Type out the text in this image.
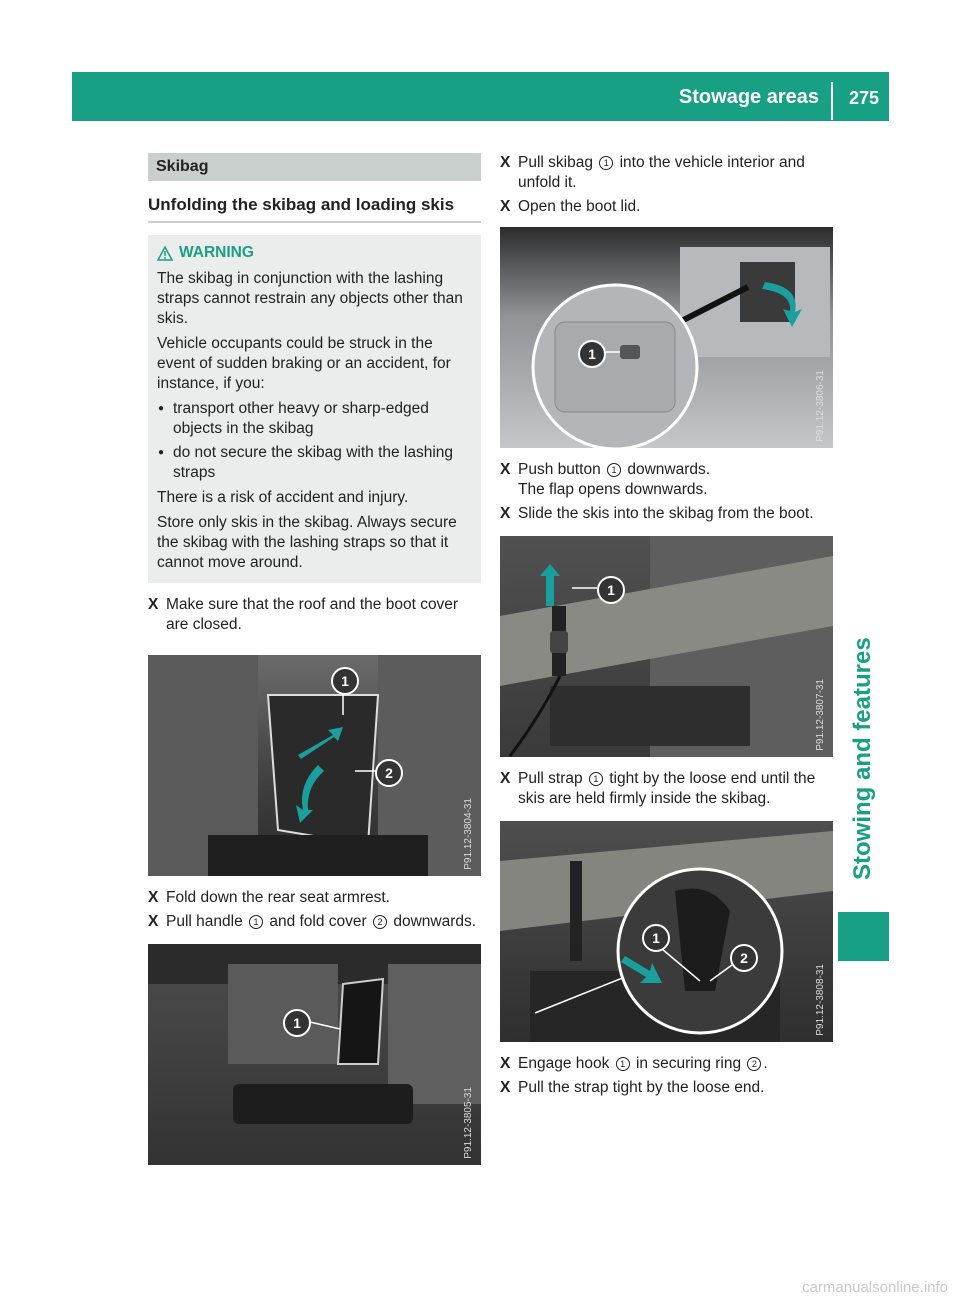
Stowage areas 275
Stowing and features
Skibag
Unfolding the skibag and loading skis
WARNING

The skibag in conjunction with the lashing straps cannot restrain any objects other than skis.

Vehicle occupants could be struck in the event of sudden braking or an accident, for instance, if you:

● transport other heavy or sharp-edged objects in the skibag
● do not secure the skibag with the lashing straps

There is a risk of accident and injury.

Store only skis in the skibag. Always secure the skibag with the lashing straps so that it cannot move around.

X Make sure that the roof and the boot cover are closed.
1
2
P91.12-3804-31
X Fold down the rear seat armrest.
X Pull handle 1 and fold cover 2 downwards.
1
P91.12-3805-31
X Pull skibag 1 into the vehicle interior and unfold it.
X Open the boot lid.
1
P91.12-3806-31
X Push button 1 downwards.
The flap opens downwards.
X Slide the skis into the skibag from the boot.
1
P91.12-3807-31
X Pull strap 1 tight by the loose end until the skis are held firmly inside the skibag.
1
2
P91.12-3808-31
X Engage hook 1 in securing ring 2 .
X Pull the strap tight by the loose end.
carmanualsonline.info
